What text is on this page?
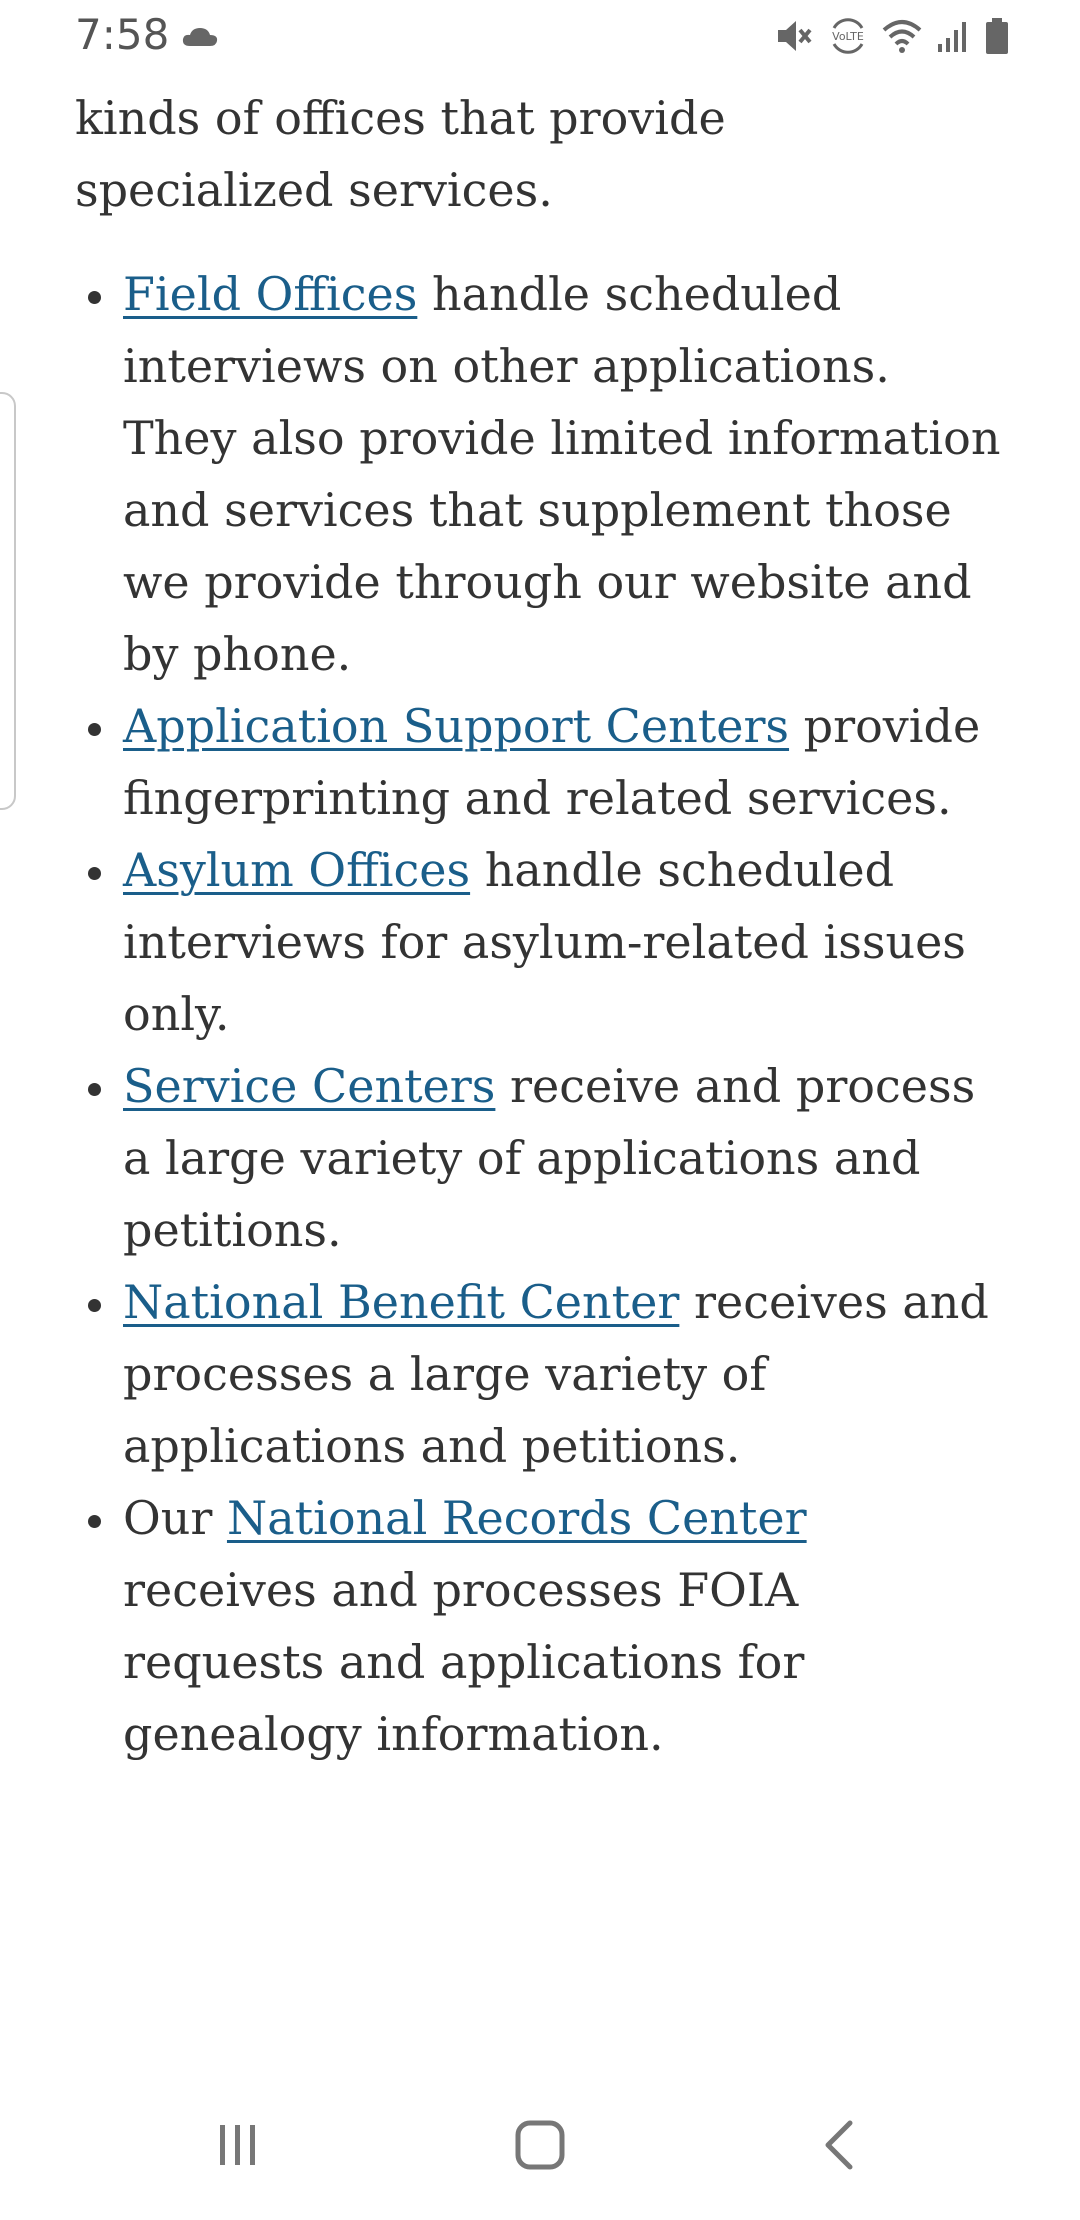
7:58	VoLTE

kinds of offices that provide specialized services.

Field Offices handle scheduled interviews on other applications. They also provide limited information and services that supplement those we provide through our website and by phone.
Application Support Centers provide fingerprinting and related services.
Asylum Offices handle scheduled interviews for asylum-related issues only.
Service Centers receive and process a large variety of applications and petitions.
National Benefit Center receives and processes a large variety of applications and petitions.
Our National Records Center receives and processes FOIA requests and applications for genealogy information.
